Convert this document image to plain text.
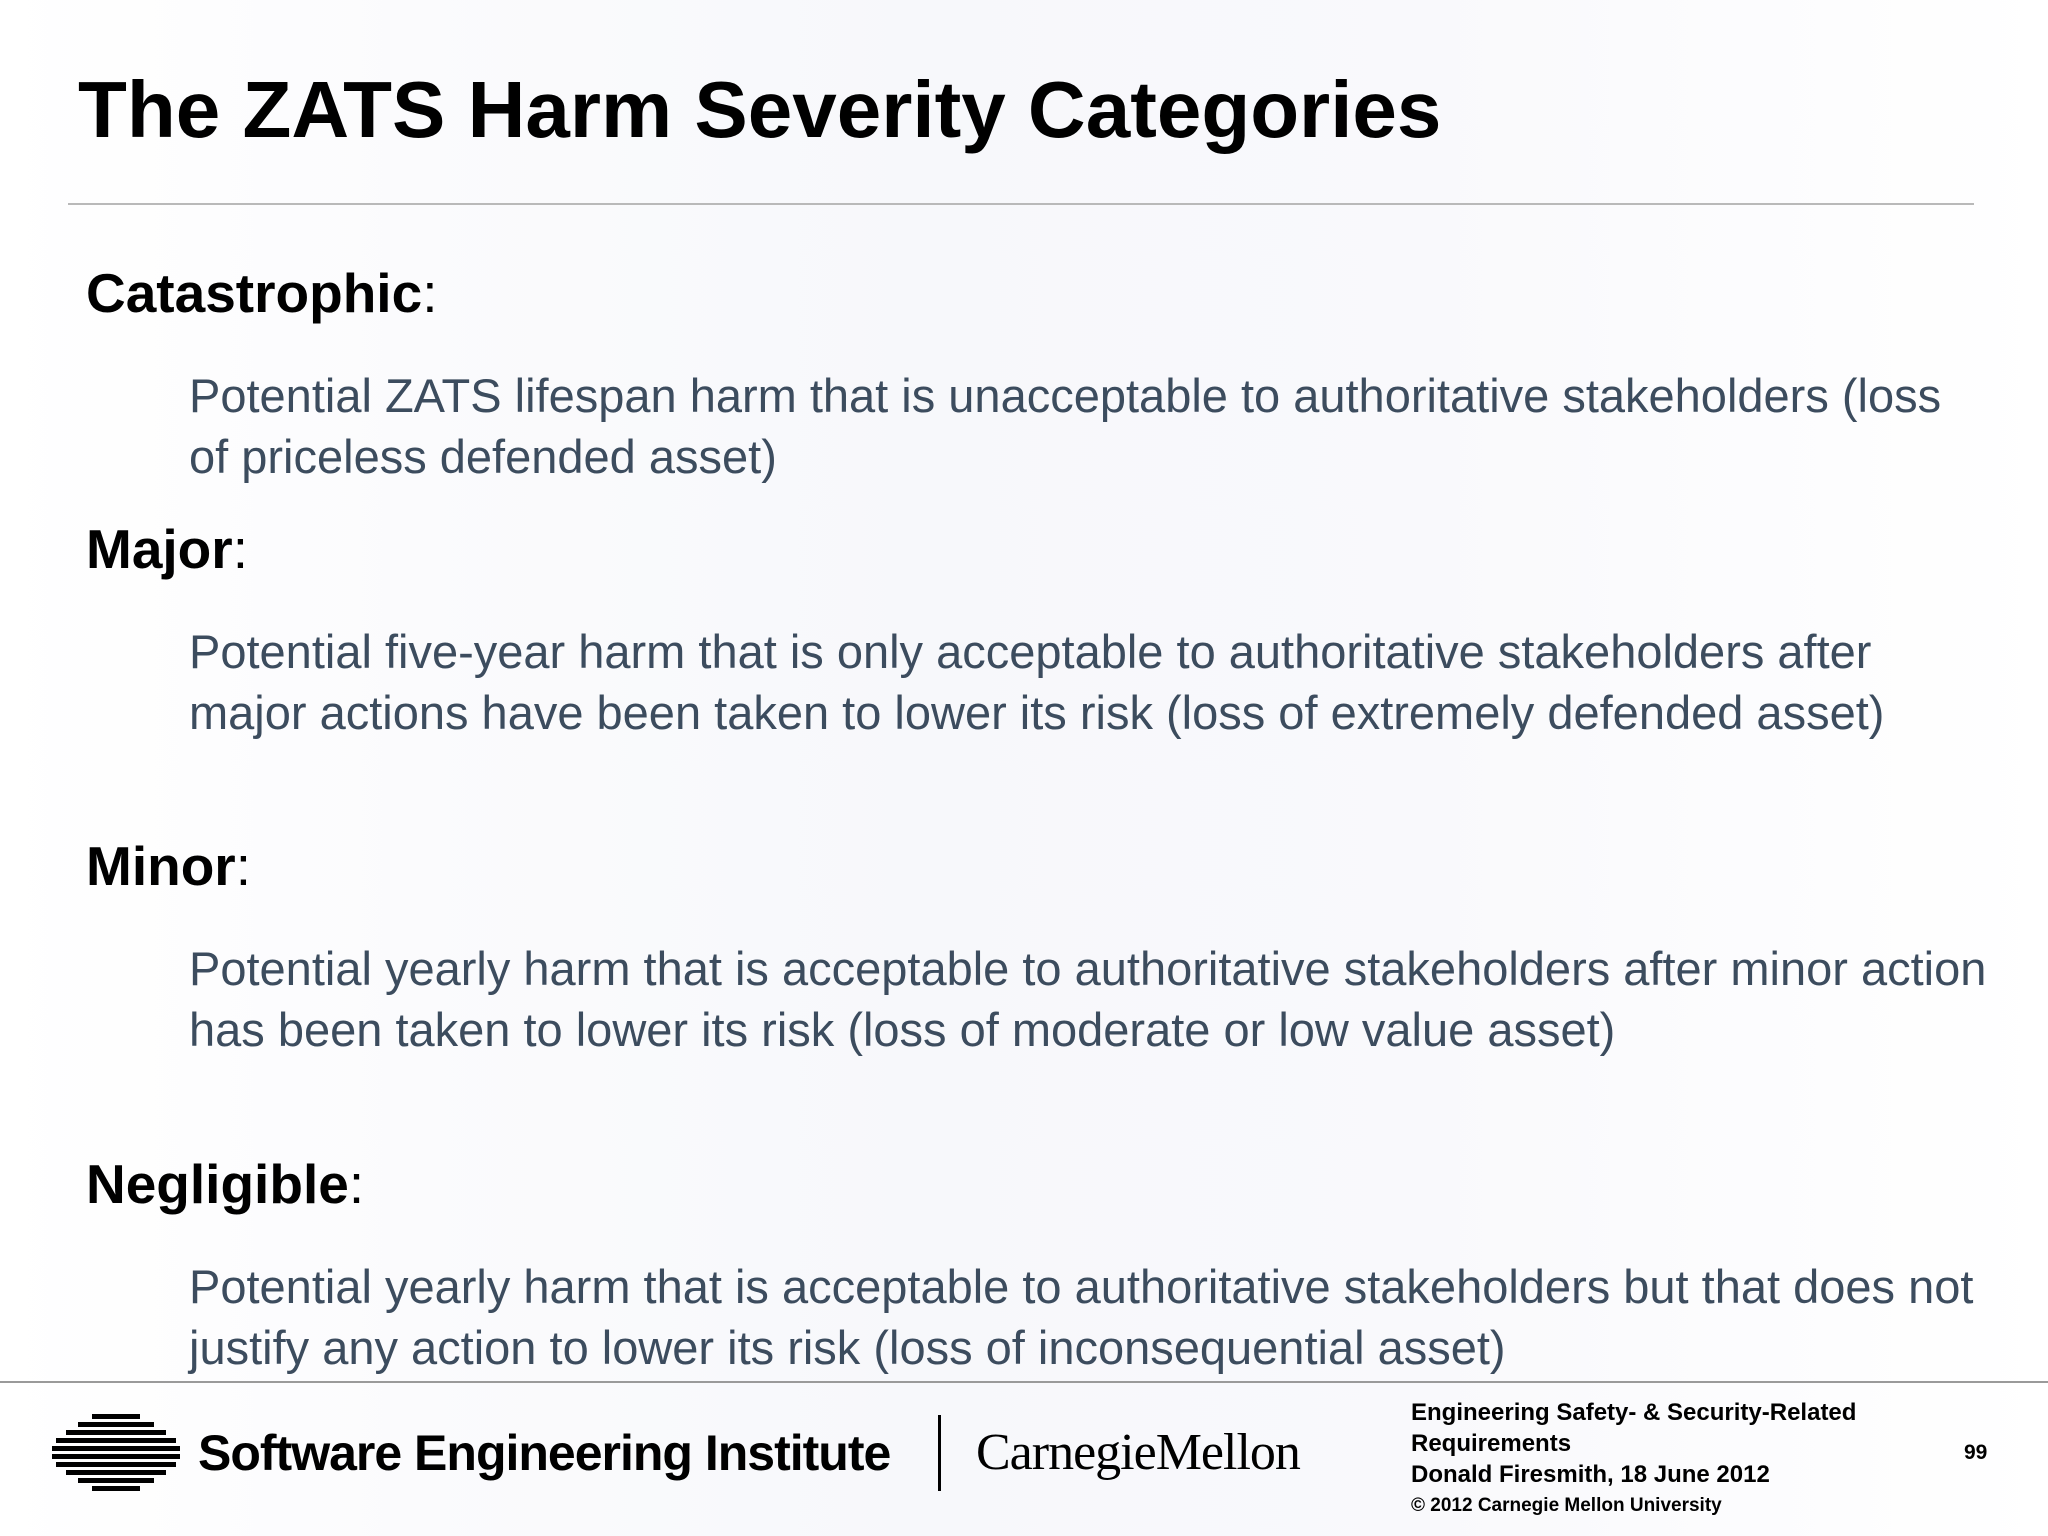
The ZATS Harm Severity Categories

Catastrophic:

Potential ZATS lifespan harm that is unacceptable to authoritative stakeholders (loss of priceless defended asset)

Major:

Potential five-year harm that is only acceptable to authoritative stakeholders after major actions have been taken to lower its risk (loss of extremely defended asset)

Minor:

Potential yearly harm that is acceptable to authoritative stakeholders after minor action has been taken to lower its risk (loss of moderate or low value asset)

Negligible:

Potential yearly harm that is acceptable to authoritative stakeholders but that does not justify any action to lower its risk (loss of inconsequential asset)

Software Engineering Institute CarnegieMellon
Engineering Safety- & Security-Related
Requirements
Donald Firesmith, 18 June 2012
© 2012 Carnegie Mellon University
99
